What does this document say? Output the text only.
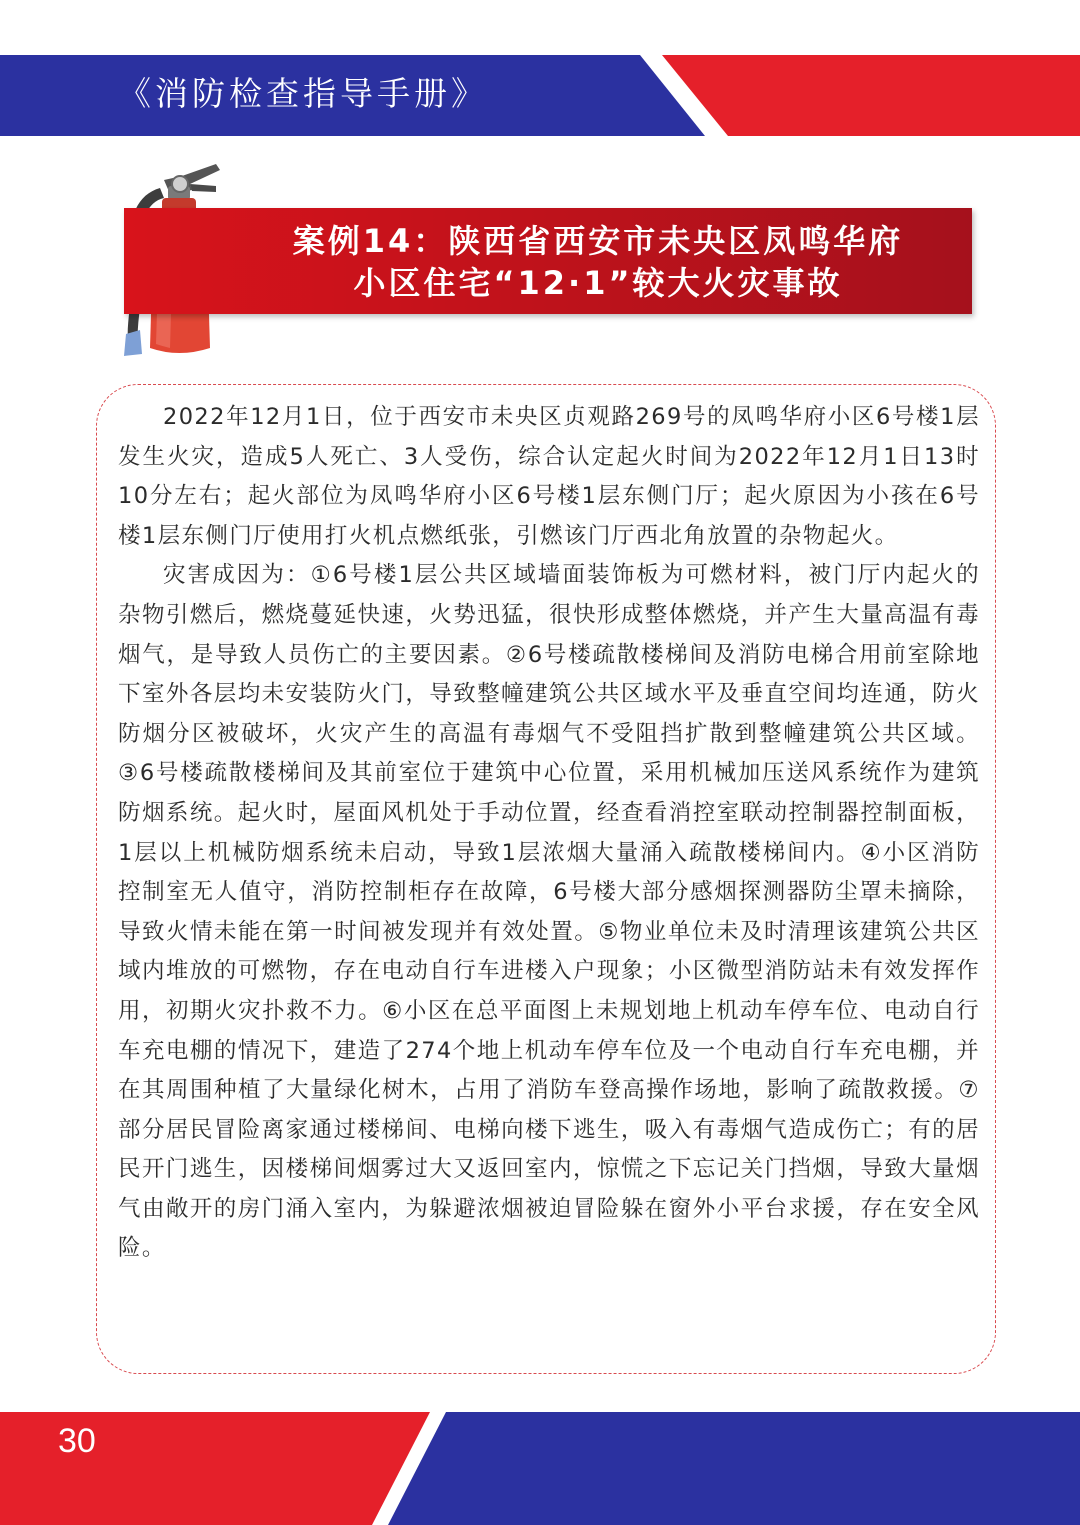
《消防检查指导手册》
案例14：陕西省西安市未央区凤鸣华府
小区住宅“12·1”较大火灾事故

2022年12月1日，位于西安市未央区贞观路269号的凤鸣华府小区6号楼1层发生火灾，造成5人死亡、3人受伤，综合认定起火时间为2022年12月1日13时10分左右；起火部位为凤鸣华府小区6号楼1层东侧门厅；起火原因为小孩在6号楼1层东侧门厅使用打火机点燃纸张，引燃该门厅西北角放置的杂物起火。

灾害成因为：①6号楼1层公共区域墙面装饰板为可燃材料，被门厅内起火的杂物引燃后，燃烧蔓延快速，火势迅猛，很快形成整体燃烧，并产生大量高温有毒烟气，是导致人员伤亡的主要因素。②6号楼疏散楼梯间及消防电梯合用前室除地下室外各层均未安装防火门，导致整幢建筑公共区域水平及垂直空间均连通，防火防烟分区被破坏，火灾产生的高温有毒烟气不受阻挡扩散到整幢建筑公共区域。③6号楼疏散楼梯间及其前室位于建筑中心位置，采用机械加压送风系统作为建筑防烟系统。起火时，屋面风机处于手动位置，经查看消控室联动控制器控制面板，1层以上机械防烟系统未启动，导致1层浓烟大量涌入疏散楼梯间内。④小区消防控制室无人值守，消防控制柜存在故障，6号楼大部分感烟探测器防尘罩未摘除，导致火情未能在第一时间被发现并有效处置。⑤物业单位未及时清理该建筑公共区域内堆放的可燃物，存在电动自行车进楼入户现象；小区微型消防站未有效发挥作用，初期火灾扑救不力。⑥小区在总平面图上未规划地上机动车停车位、电动自行车充电棚的情况下，建造了274个地上机动车停车位及一个电动自行车充电棚，并在其周围种植了大量绿化树木，占用了消防车登高操作场地，影响了疏散救援。⑦部分居民冒险离家通过楼梯间、电梯向楼下逃生，吸入有毒烟气造成伤亡；有的居民开门逃生，因楼梯间烟雾过大又返回室内，惊慌之下忘记关门挡烟，导致大量烟气由敞开的房门涌入室内，为躲避浓烟被迫冒险躲在窗外小平台求援，存在安全风险。

30
